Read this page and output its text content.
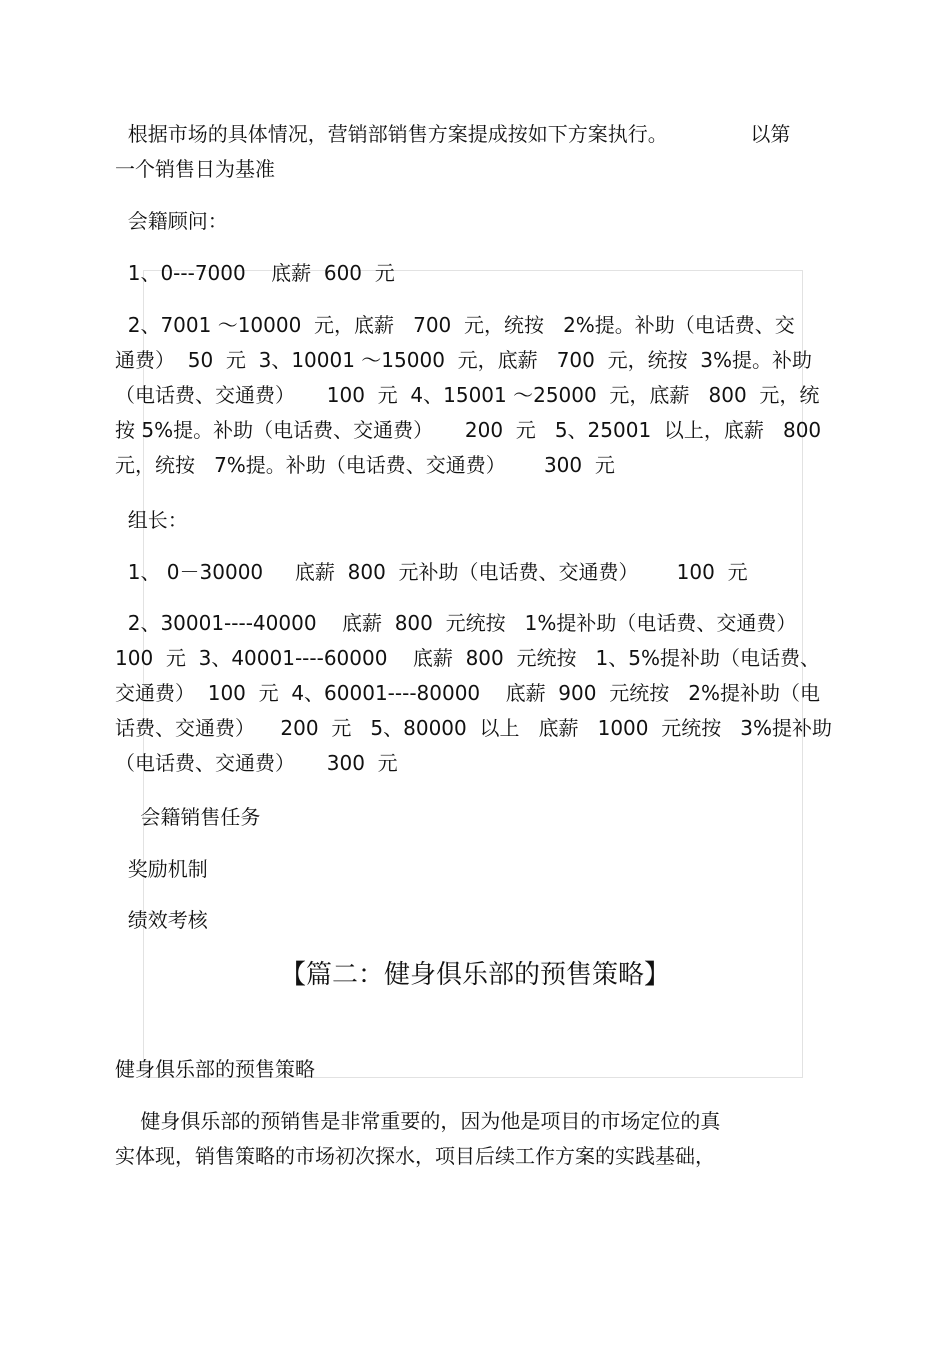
根据市场的具体情况，营销部销售方案提成按如下方案执行。             以第
一个销售日为基准
会籍顾问：
1、0---7000    底薪  600  元
2、7001 ～10000  元，底薪   700  元，统按   2%提。补助（电话费、交
通费）  50  元  3、10001 ～15000  元，底薪   700  元，统按  3%提。补助
（电话费、交通费）     100  元  4、15001 ～25000  元，底薪   800  元，统
按 5%提。补助（电话费、交通费）     200  元   5、25001  以上，底薪   800
元，统按   7%提。补助（电话费、交通费）      300  元
组长：
1、 0－30000     底薪  800  元补助（电话费、交通费）      100  元
2、30001----40000    底薪  800  元统按   1%提补助（电话费、交通费）
100  元  3、40001----60000    底薪  800  元统按   1、5%提补助（电话费、
交通费）  100  元  4、60001----80000    底薪  900  元统按   2%提补助（电
话费、交通费）    200  元   5、80000  以上   底薪   1000  元统按   3%提补助
（电话费、交通费）     300  元
会籍销售任务
奖励机制
绩效考核
【篇二：健身俱乐部的预售策略】
健身俱乐部的预售策略
健身俱乐部的预销售是非常重要的，因为他是项目的市场定位的真
实体现，销售策略的市场初次探水，项目后续工作方案的实践基础，
